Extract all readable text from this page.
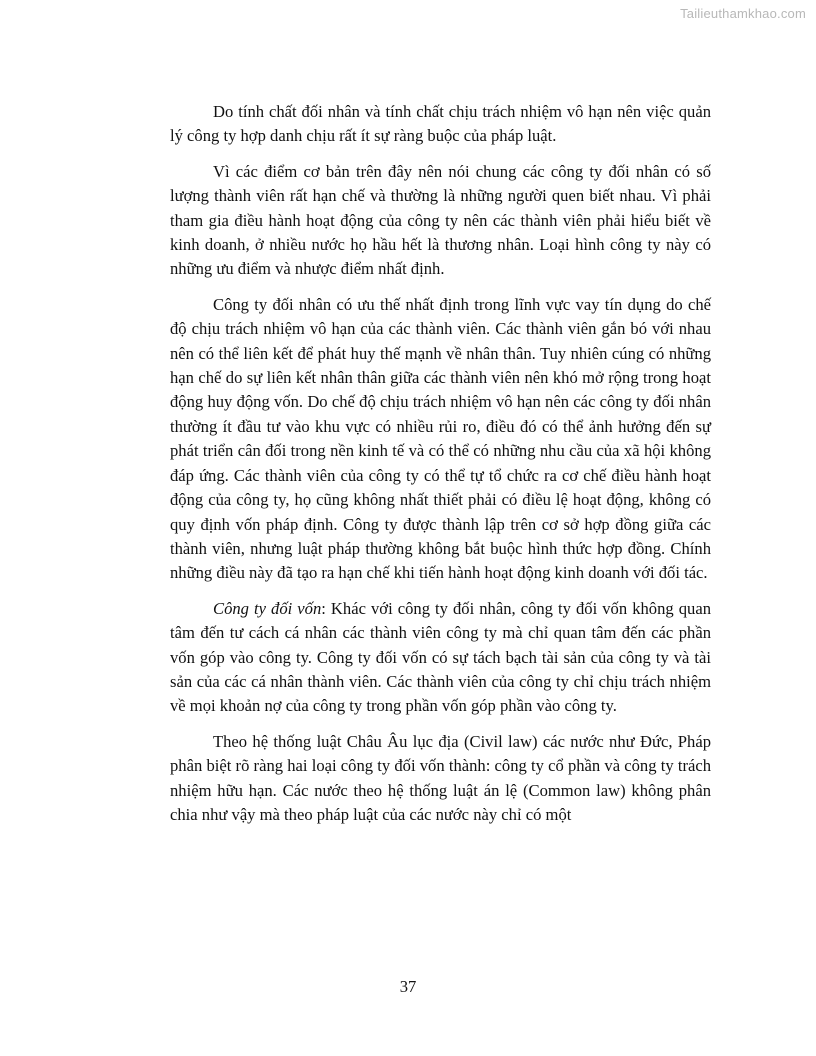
Tailieuthamkhao.com

Do tính chất đối nhân và tính chất chịu trách nhiệm vô hạn nên việc quản lý công ty hợp danh chịu rất ít sự ràng buộc của pháp luật.

Vì các điểm cơ bản trên đây nên nói chung các công ty đối nhân có số lượng thành viên rất hạn chế và thường là những người quen biết nhau. Vì phải tham gia điều hành hoạt động của công ty nên các thành viên phải hiểu biết về kinh doanh, ở nhiều nước họ hầu hết là thương nhân. Loại hình công ty này có những ưu điểm và nhược điểm nhất định.

Công ty đối nhân có ưu thế nhất định trong lĩnh vực vay tín dụng do chế độ chịu trách nhiệm vô hạn của các thành viên. Các thành viên gắn bó với nhau nên có thể liên kết để phát huy thế mạnh về nhân thân. Tuy nhiên cúng có những hạn chế do sự liên kết nhân thân giữa các thành viên nên khó mở rộng trong hoạt động huy động vốn. Do chế độ chịu trách nhiệm vô hạn nên các công ty đối nhân thường ít đầu tư vào khu vực có nhiều rủi ro, điều đó có thể ảnh hưởng đến sự phát triển cân đối trong nền kinh tế và có thể có những nhu cầu của xã hội không đáp ứng. Các thành viên của công ty có thể tự tổ chức ra cơ chế điều hành hoạt động của công ty, họ cũng không nhất thiết phải có điều lệ hoạt động, không có quy định vốn pháp định. Công ty được thành lập trên cơ sở hợp đồng giữa các thành viên, nhưng luật pháp thường không bắt buộc hình thức hợp đồng. Chính những điều này đã tạo ra hạn chế khi tiến hành hoạt động kinh doanh với đối tác.

Công ty đối vốn: Khác với công ty đối nhân, công ty đối vốn không quan tâm đến tư cách cá nhân các thành viên công ty mà chỉ quan tâm đến các phần vốn góp vào công ty. Công ty đối vốn có sự tách bạch tài sản của công ty và tài sản của các cá nhân thành viên. Các thành viên của công ty chỉ chịu trách nhiệm về mọi khoản nợ của công ty trong phần vốn góp phần vào công ty.

Theo hệ thống luật Châu Âu lục địa (Civil law) các nước như Đức, Pháp phân biệt rõ ràng hai loại công ty đối vốn thành: công ty cổ phần và công ty trách nhiệm hữu hạn. Các nước theo hệ thống luật án lệ (Common law) không phân chia như vậy mà theo pháp luật của các nước này chỉ có một

37
